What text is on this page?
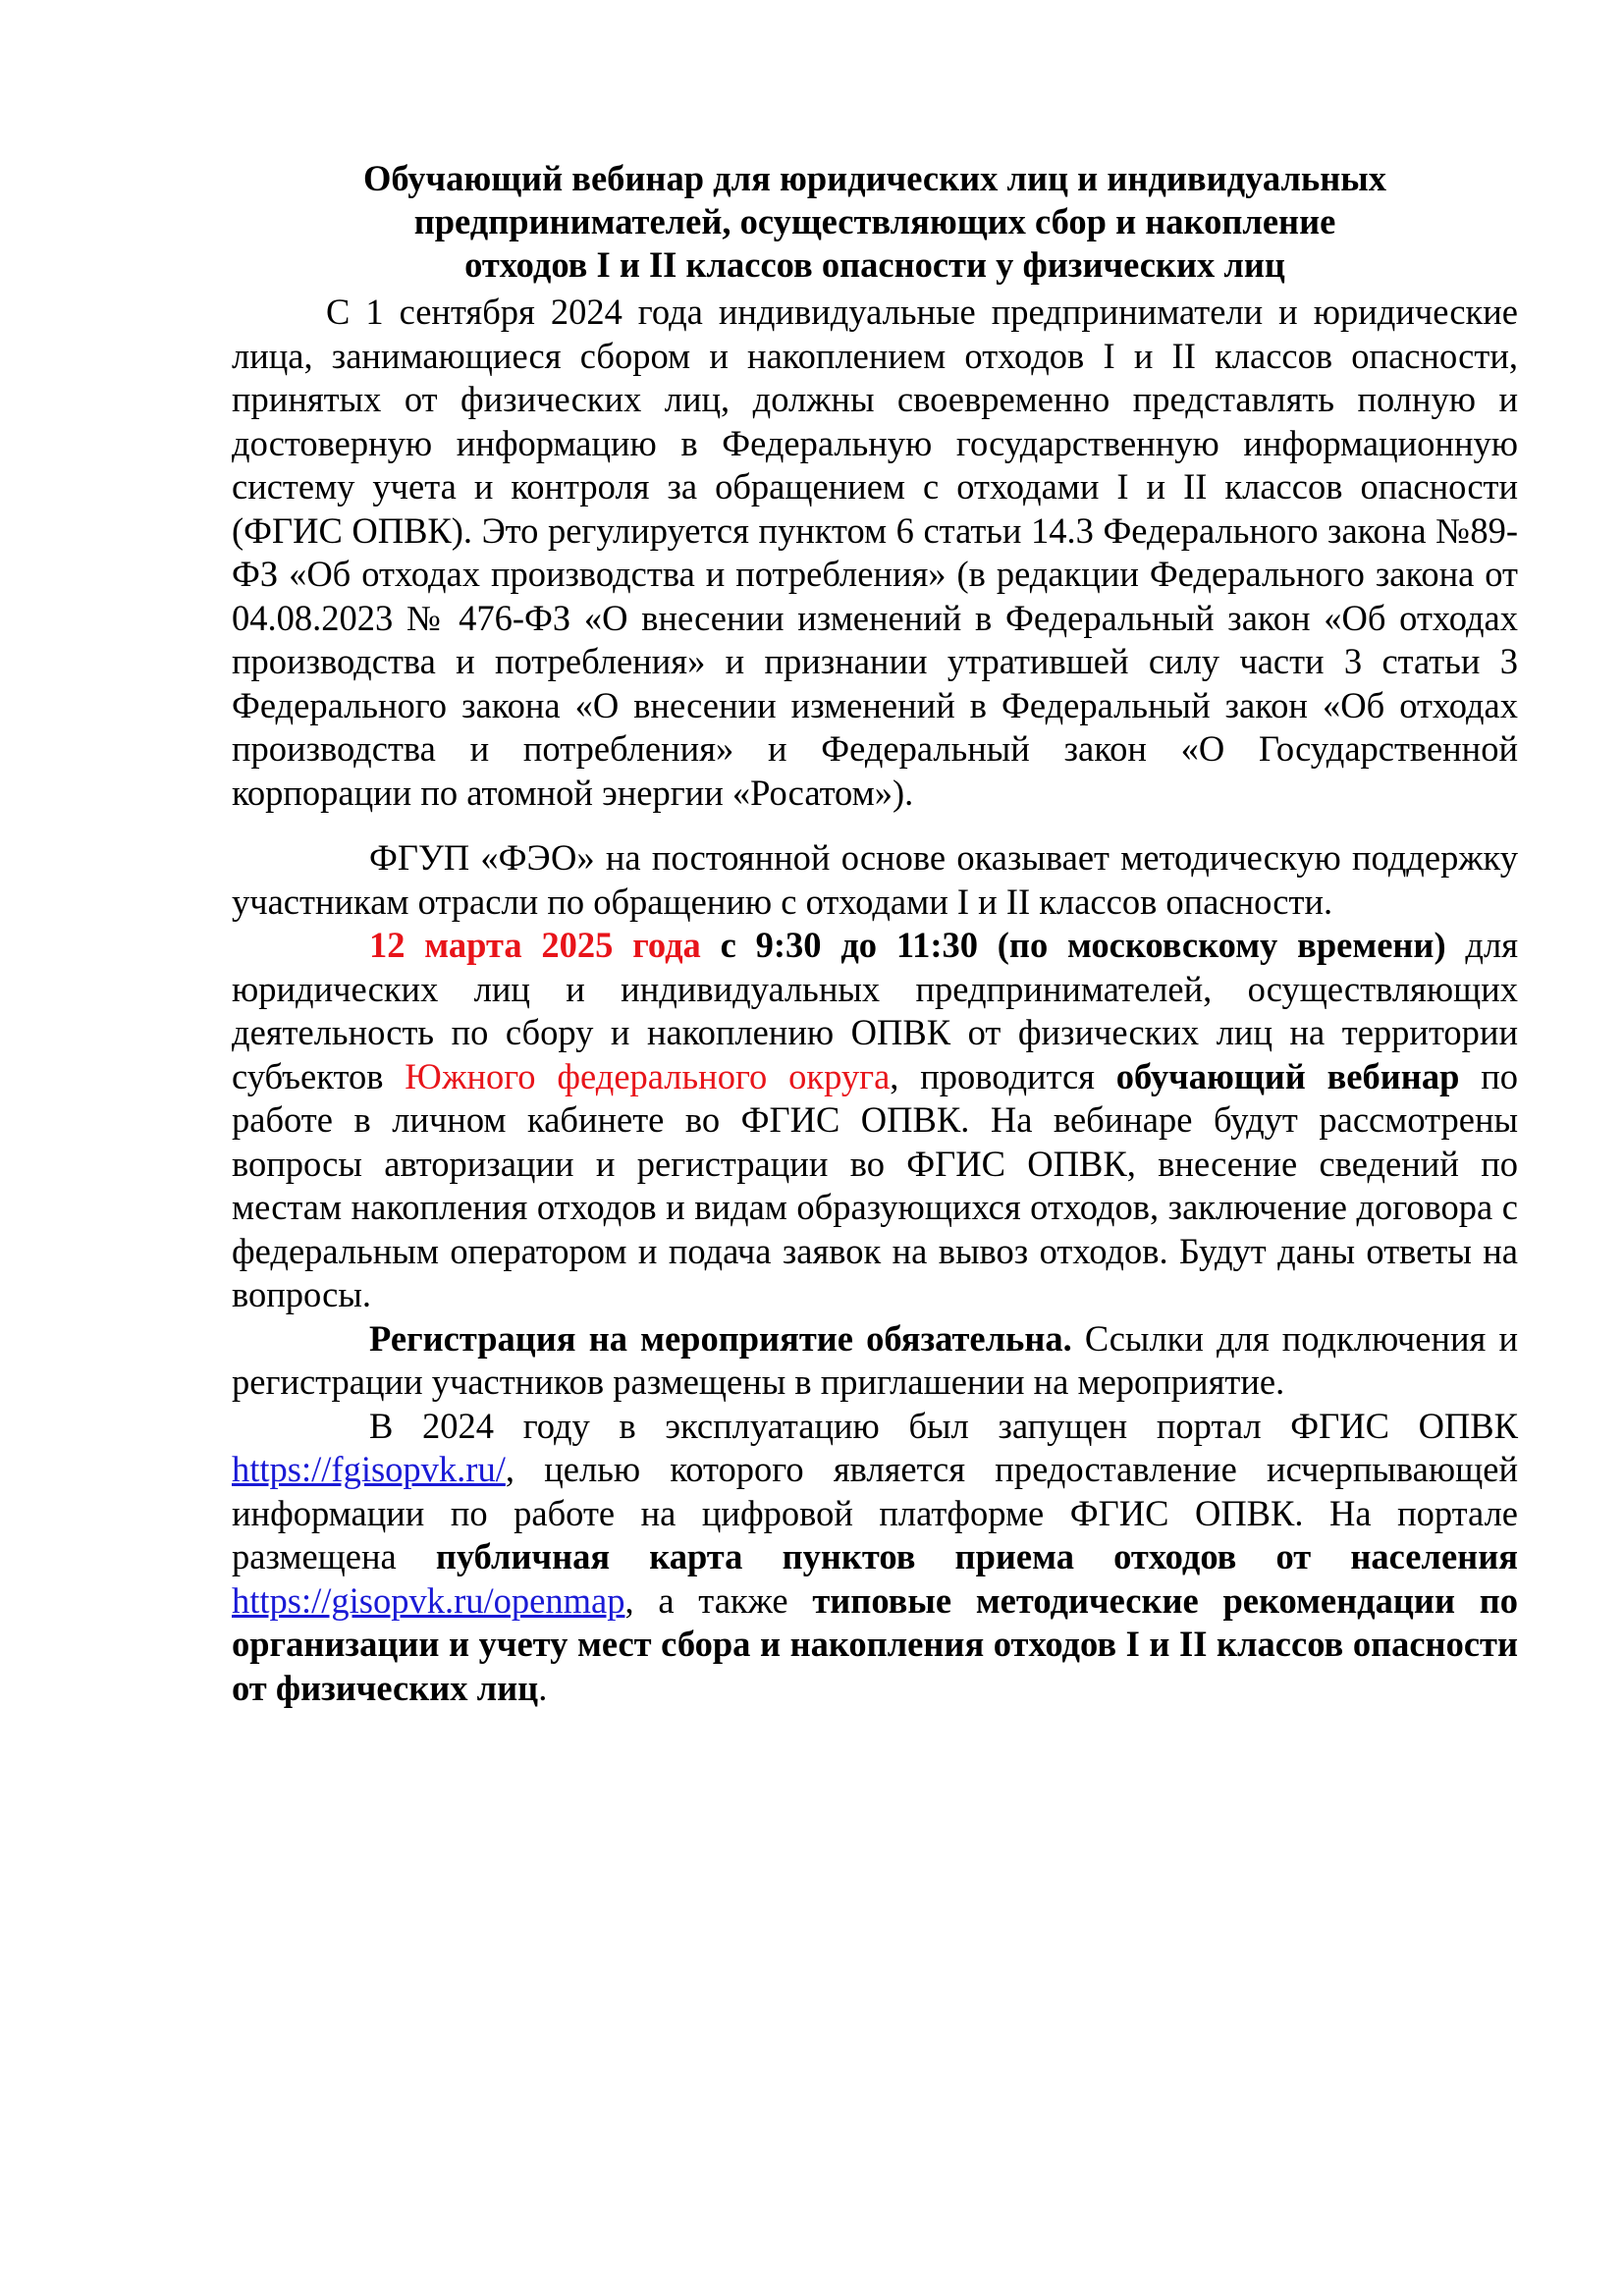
Обучающий вебинар для юридических лиц и индивидуальных
предпринимателей, осуществляющих сбор и накопление
отходов I и II классов опасности у физических лиц

С 1 сентября 2024 года индивидуальные предприниматели и юридические лица, занимающиеся сбором и накоплением отходов I и II классов опасности, принятых от физических лиц, должны своевременно представлять полную и достоверную информацию в Федеральную государственную информационную систему учета и контроля за обращением с отходами I и II классов опасности (ФГИС ОПВК). Это регулируется пунктом 6 статьи 14.3 Федерального закона №89-ФЗ «Об отходах производства и потребления» (в редакции Федерального закона от 04.08.2023 № 476-ФЗ «О внесении изменений в Федеральный закон «Об отходах производства и потребления» и признании утратившей силу части 3 статьи 3 Федерального закона «О внесении изменений в Федеральный закон «Об отходах производства и потребления» и Федеральный закон «О Государственной корпорации по атомной энергии «Росатом»).

ФГУП «ФЭО» на постоянной основе оказывает методическую поддержку участникам отрасли по обращению с отходами I и II классов опасности.

12 марта 2025 года с 9:30 до 11:30 (по московскому времени) для юридических лиц и индивидуальных предпринимателей, осуществляющих деятельность по сбору и накоплению ОПВК от физических лиц на территории субъектов Южного федерального округа, проводится обучающий вебинар по работе в личном кабинете во ФГИС ОПВК. На вебинаре будут рассмотрены вопросы авторизации и регистрации во ФГИС ОПВК, внесение сведений по местам накопления отходов и видам образующихся отходов, заключение договора с федеральным оператором и подача заявок на вывоз отходов. Будут даны ответы на вопросы.

Регистрация на мероприятие обязательна. Ссылки для подключения и регистрации участников размещены в приглашении на мероприятие.

В 2024 году в эксплуатацию был запущен портал ФГИС ОПВК https://fgisopvk.ru/, целью которого является предоставление исчерпывающей информации по работе на цифровой платформе ФГИС ОПВК. На портале размещена публичная карта пунктов приема отходов от населения https://gisopvk.ru/openmap, а также типовые методические рекомендации по организации и учету мест сбора и накопления отходов I и II классов опасности от физических лиц.
